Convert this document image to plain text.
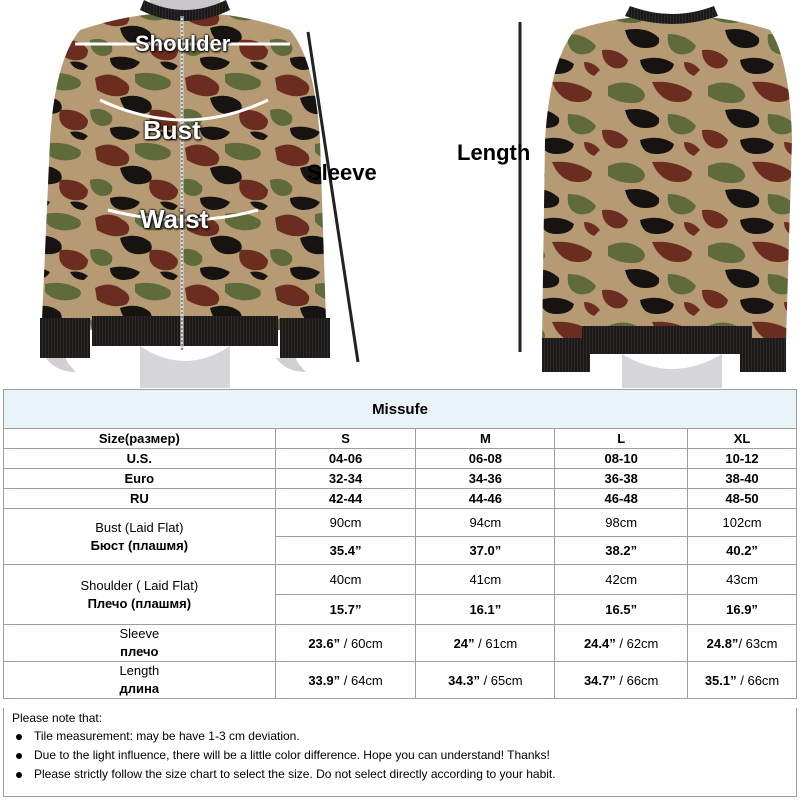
Shoulder
Bust
Waist
Sleeve
Length
Missufe				
Size(размер)	S	M	L	XL
U.S.	04-06	06-08	08-10	10-12
Euro	32-34	34-36	36-38	38-40
RU	42-44	44-46	46-48	48-50

Bust (Laid Flat)
Бюст (плашмя)	90cm	94cm	98cm	102cm
	35.4”	37.0”	38.2”	40.2”

Shoulder ( Laid Flat)
Плечо (плашмя)	40cm	41cm	42cm	43cm
	15.7”	16.1”	16.5”	16.9”

Sleeve
плечо	23.6” / 60cm	24” / 61cm	24.4” / 62cm	24.8”/ 63cm

Length
длина	33.9” / 64cm	34.3” / 65cm	34.7” / 66cm	35.1” / 66cm
Please note that:
Tile measurement: may be have 1-3 cm deviation.
Due to the light influence, there will be a little color difference. Hope you can understand! Thanks!
Please strictly follow the size chart to select the size. Do not select directly according to your habit.
